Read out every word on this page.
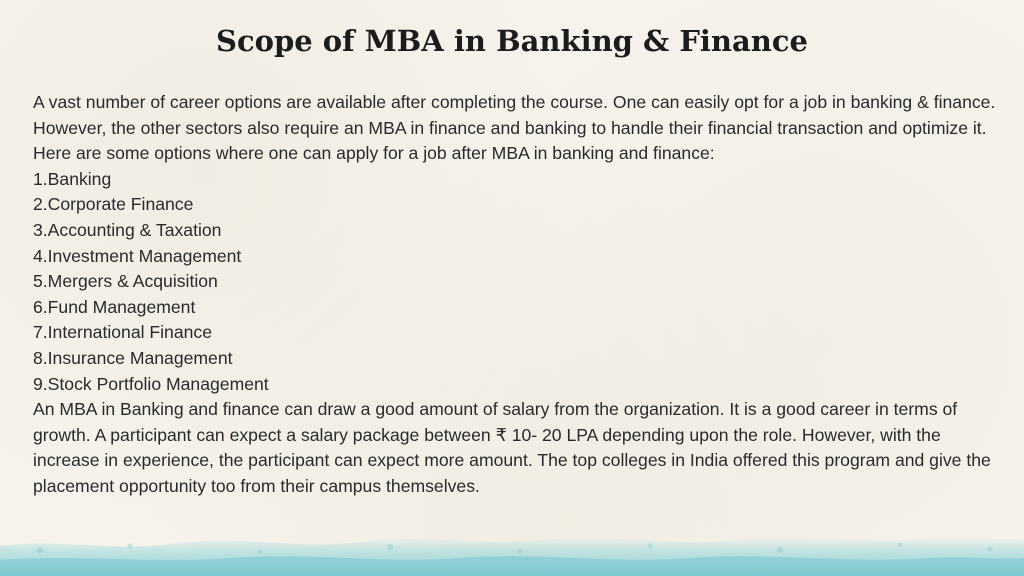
Scope of MBA in Banking & Finance

A vast number of career options are available after completing the course. One can easily opt for a job in banking & finance. However, the other sectors also require an MBA in finance and banking to handle their financial transaction and optimize it. Here are some options where one can apply for a job after MBA in banking and finance:

1.Banking
2.Corporate Finance
3.Accounting & Taxation
4.Investment Management
5.Mergers & Acquisition
6.Fund Management
7.International Finance
8.Insurance Management
9.Stock Portfolio Management

An MBA in Banking and finance can draw a good amount of salary from the organization. It is a good career in terms of growth. A participant can expect a salary package between ₹ 10- 20 LPA depending upon the role. However, with the increase in experience, the participant can expect more amount. The top colleges in India offered this program and give the placement opportunity too from their campus themselves.
